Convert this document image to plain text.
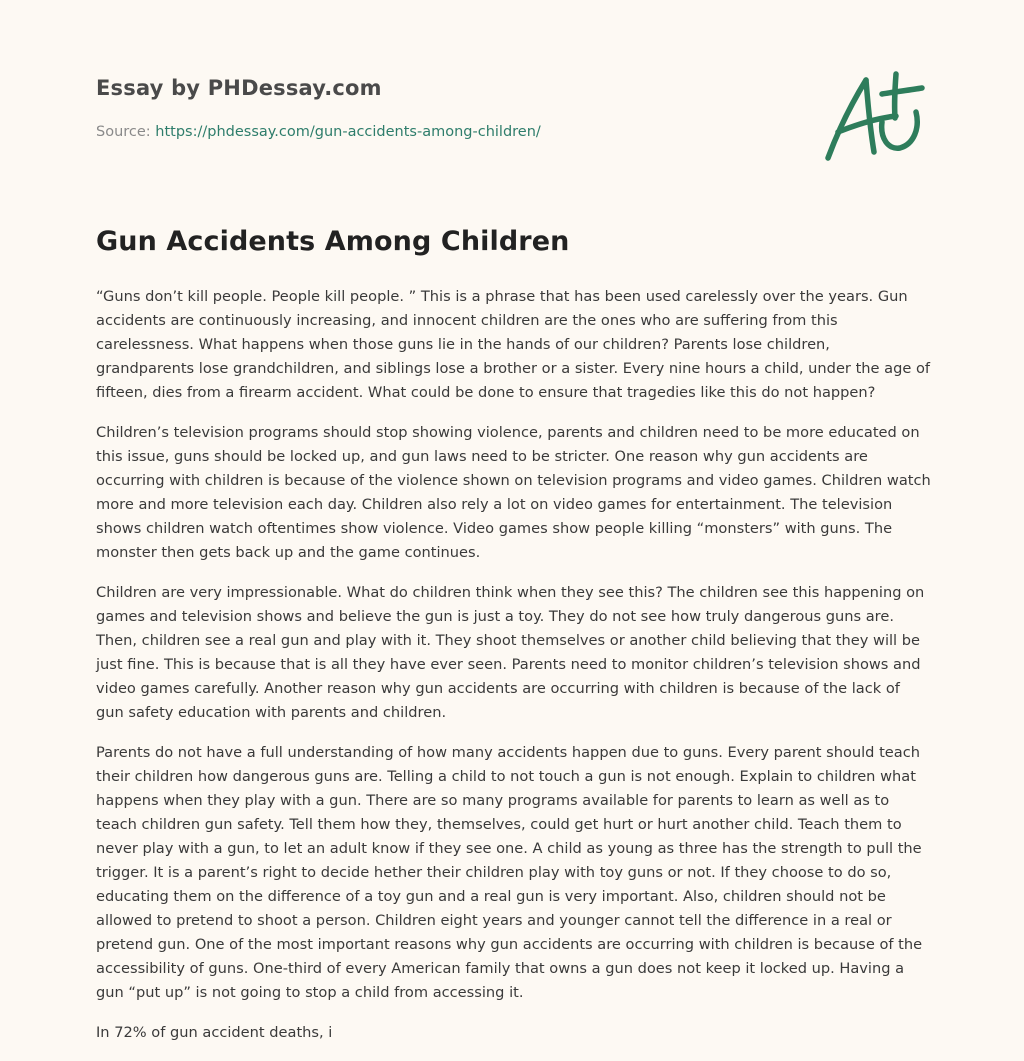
Essay by PHDessay.com
Source: https://phdessay.com/gun-accidents-among-children/
Gun Accidents Among Children

“Guns don’t kill people. People kill people. ” This is a phrase that has been used carelessly over the years. Gun accidents are continuously increasing, and innocent children are the ones who are suffering from this carelessness. What happens when those guns lie in the hands of our children? Parents lose children, grandparents lose grandchildren, and siblings lose a brother or a sister. Every nine hours a child, under the age of fifteen, dies from a firearm accident. What could be done to ensure that tragedies like this do not happen?

Children’s television programs should stop showing violence, parents and children need to be more educated on this issue, guns should be locked up, and gun laws need to be stricter. One reason why gun accidents are occurring with children is because of the violence shown on television programs and video games. Children watch more and more television each day. Children also rely a lot on video games for entertainment. The television shows children watch oftentimes show violence. Video games show people killing “monsters” with guns. The monster then gets back up and the game continues.

Children are very impressionable. What do children think when they see this? The children see this happening on games and television shows and believe the gun is just a toy. They do not see how truly dangerous guns are. Then, children see a real gun and play with it. They shoot themselves or another child believing that they will be just fine. This is because that is all they have ever seen. Parents need to monitor children’s television shows and video games carefully. Another reason why gun accidents are occurring with children is because of the lack of gun safety education with parents and children.

Parents do not have a full understanding of how many accidents happen due to guns. Every parent should teach their children how dangerous guns are. Telling a child to not touch a gun is not enough. Explain to children what happens when they play with a gun. There are so many programs available for parents to learn as well as to teach children gun safety. Tell them how they, themselves, could get hurt or hurt another child. Teach them to never play with a gun, to let an adult know if they see one. A child as young as three has the strength to pull the trigger. It is a parent’s right to decide hether their children play with toy guns or not. If they choose to do so, educating them on the difference of a toy gun and a real gun is very important. Also, children should not be allowed to pretend to shoot a person. Children eight years and younger cannot tell the difference in a real or pretend gun. One of the most important reasons why gun accidents are occurring with children is because of the accessibility of guns. One-third of every American family that owns a gun does not keep it locked up. Having a gun “put up” is not going to stop a child from accessing it.

In 72% of gun accident deaths, i
